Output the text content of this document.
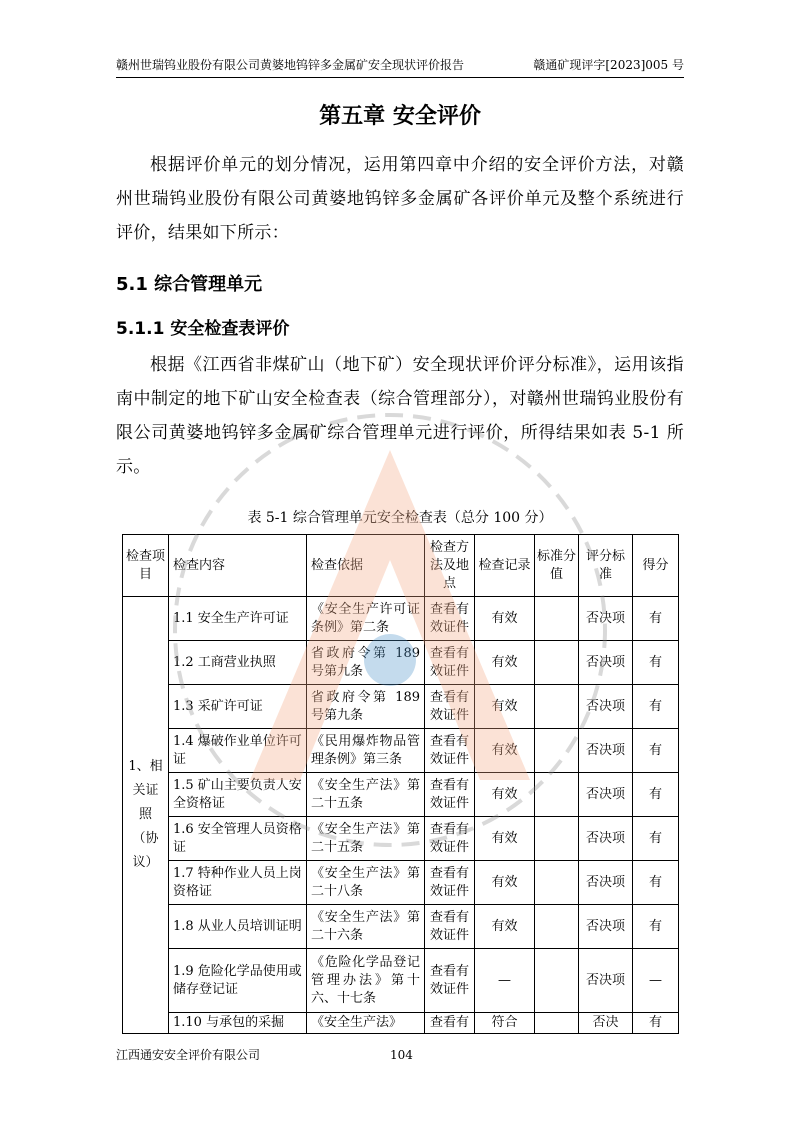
赣州世瑞钨业股份有限公司黄婆地钨锌多金属矿安全现状评价报告	赣通矿现评字[2023]005 号
第五章 安全评价

根据评价单元的划分情况，运用第四章中介绍的安全评价方法，对赣州世瑞钨业股份有限公司黄婆地钨锌多金属矿各评价单元及整个系统进行评价，结果如下所示：

5.1 综合管理单元
5.1.1 安全检查表评价

根据《江西省非煤矿山（地下矿）安全现状评价评分标准》，运用该指南中制定的地下矿山安全检查表（综合管理部分），对赣州世瑞钨业股份有限公司黄婆地钨锌多金属矿综合管理单元进行评价，所得结果如表 5-1 所示。

表 5-1 综合管理单元安全检查表（总分 100 分）
检查项目	检查内容	检查依据	检查方法及地点	检查记录	标准分值	评分标准	得分
1、相关证照（协议）	1.1 安全生产许可证	《安全生产许可证条例》第二条	查看有效证件	有效		否决项	有
	1.2 工商营业执照	省政府令第 189 号第九条	查看有效证件	有效		否决项	有
	1.3 采矿许可证	省政府令第 189 号第九条	查看有效证件	有效		否决项	有
	1.4 爆破作业单位许可证	《民用爆炸物品管理条例》第三条	查看有效证件	有效		否决项	有
	1.5 矿山主要负责人安全资格证	《安全生产法》第二十五条	查看有效证件	有效		否决项	有
	1.6 安全管理人员资格证	《安全生产法》第二十五条	查看有效证件	有效		否决项	有
	1.7 特种作业人员上岗资格证	《安全生产法》第二十八条	查看有效证件	有效		否决项	有
	1.8 从业人员培训证明	《安全生产法》第二十六条	查看有效证件	有效		否决项	有
	1.9 危险化学品使用或储存登记证	《危险化学品登记管理办法》第十六、十七条	查看有效证件	—		否决项	—
	1.10 与承包的采掘	《安全生产法》	查看有	符合		否决	有
江西通安安全评价有限公司	104
